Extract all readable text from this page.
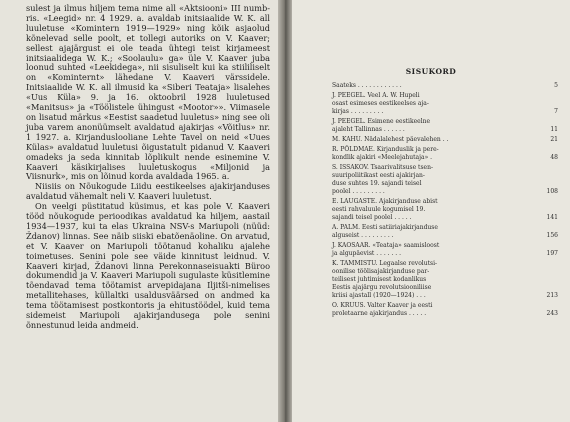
sulest ja ilmus hiljem tema nime all «Aktsiooni» III numb-ris. «Leegid» nr. 4 1929. a. avaldab initsiaalide W. K. all luuletuse «Komintern 1919—1929» ning kõik asjaolud kõnelevad selle poolt, et tollegi autoriks on V. Kaaver; sellest ajajärgust ei ole teada ühtegi teist kirjameest initsiaalidega W. K.; «Soolaulu» ga» üle V. Kaaver juba loonud suhted «Leekidega», nii sisuliselt kui ka stiililiselt on «Kominternt» lähedane V. Kaaveri värssidele. Initsiaalide W. K. all ilmusid ka «Siberi Teataja» lisalehes «Uus Küla» 9. ja 16. oktoobril 1928 luuletused «Manitsus» ja «Töölistele ühingust «Mootor»». Viimasele on lisatud märkus «Eestist saadetud luuletus» ning see oli juba varem anonüümselt avaldatud ajakirjas «Võitlus» nr. 1 1927. a. Kirjanduslooliane Lehte Tavel on neid «Uues Külas» avaldatud luuletusi õigustatult pidanud V. Kaaveri omadeks ja seda kinnitab lõplikult nende esinemine V. Kaaveri käsikirjalises luuletuskogus «Miljonid ja Viisnurk», mis on lõinud korda avaldada 1965. a.

Niisiis on Nõukogude Liidu eestikeelses ajakirjanduses avaldatud vähemalt neli V. Kaaveri luuletust.

On veelgi püstitatud küsimus, et kas pole V. Kaaveri tööd nõukogude perioodikas avaldatud ka hiljem, aastail 1934—1937, kui ta elas Ukraina NSV-s Mariupoli (nüüd: Ždanov) linnas. See näib siiski ebatõenäoline. On arvatud, et V. Kaaver on Mariupoli töötanud kohaliku ajalehe toimetuses. Senini pole see väide kinnitust leidnud. V. Kaaveri kirjad, Ždanovi linna Perekonnaseisuakti Büroo dokumendid ja V. Kaaveri Mariupoli sugulaste küsitlemine tõendavad tema töötamist arvepidajana Iljitši-nimelises metallitehases, küllaltki usaldusväärsed on andmed ka tema töötamisest postkontoris ja ehitustöödel, kuid tema sidemeist Mariupoli ajakirjandusega pole senini õnnestunud leida andmeid.

SISUKORD
Saateks . . . . . . . . . . . .	5
J. PEEGEL. Veel A. W. Hupeli
osast esimeses eestikeelses aja-
kirjas . . . . . . . . .	7
J. PEEGEL. Esimene eestikeelne
ajaleht Tallinnas . . . . . .	11
M. KAHU. Nädalalehest päevalehen . .	21
R. PÕLDMAE. Kirjanduslik ja pere-
kondlik ajakiri «Meelejahutaja» .	48
S. ISSAKOV. Tsaarivalitsuse tsen-
suuripoliitikast eesti ajakirjan-
duse suhtes 19. sajandi teisel
poolel . . . . . . . . .	108
E. LAUGASTE. Ajakirjanduse abist
eesti rahvaluule kogumisel 19.
sajandi teisel poolel . . . . .	141
A. PALM. Eesti satiiriajakirjanduse
alguseist . . . . . . . . .	156
J. KAOSAAR. «Teataja» saamisloost
ja algupäevist . . . . . . .	197
K. TAMMISTU. Legaalse revolutsi-
oonilise töölisajakirjanduse par-
teilisest juhtimisest kodanlikus
Eestis ajajärgu revolutsiooniliise
kriisi ajastall (1920—1924) . . .	213
O. KRUUS. Valter Kaaver ja eesti
proletaarne ajakirjandus . . . . .	243
